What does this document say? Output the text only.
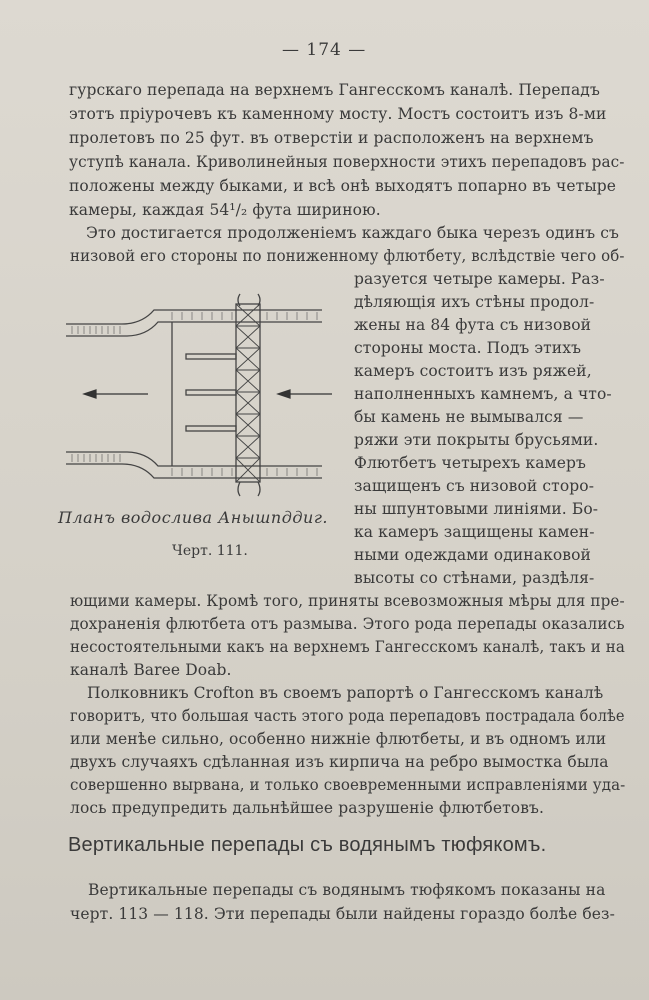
— 174 —
гурскаго перепада на верхнемъ Гангесскомъ каналѣ. Перепадъ
этотъ пріурочевъ къ каменному мосту. Мостъ состоитъ изъ 8-ми
пролетовъ по 25 фут. въ отверстіи и расположенъ на верхнемъ
уступѣ канала. Криволинейныя поверхности этихъ перепадовъ рас-
положены между быками, и всѣ онѣ выходятъ попарно въ четыре
камеры, каждая 54¹/₂ фута шириною.
Это достигается продолженіемъ каждаго быка черезъ одинъ съ
низовой его стороны по пониженному флютбету, вслѣдствіе чего об-
разуется четыре камеры. Раз-
дѣляющія ихъ стѣны продол-
жены на 84 фута съ низовой
стороны моста. Подъ этихъ
камеръ состоитъ изъ ряжей,
наполненныхъ камнемъ, а что-
бы камень не вымывался —
ряжи эти покрыты брусьями.
Флютбетъ четырехъ камеръ
защищенъ съ низовой сторо-
ны шпунтовыми линіями. Бо-
ка камеръ защищены камен-
ными одеждами одинаковой
высоты со стѣнами, раздѣля-
Планъ водослива Анышпддиг.
Черт. 111.
ющими камеры. Кромѣ того, приняты всевозможныя мѣры для пре-
дохраненія флютбета отъ размыва. Этого рода перепады оказались
несостоятельными какъ на верхнемъ Гангесскомъ каналѣ, такъ и на
каналѣ Baree Doab.
Полковникъ Crofton въ своемъ рапортѣ о Гангесскомъ каналѣ
говоритъ, что большая часть этого рода перепадовъ пострадала болѣе
или менѣе сильно, особенно нижніе флютбеты, и въ одномъ или
двухъ случаяхъ сдѣланная изъ кирпича на ребро вымостка была
совершенно вырвана, и только своевременными исправленіями уда-
лось предупредить дальнѣйшее разрушеніе флютбетовъ.
Вертикальные перепады съ водянымъ тюфякомъ.
Вертикальные перепады съ водянымъ тюфякомъ показаны на
черт. 113 — 118. Эти перепады были найдены гораздо болѣе без-
